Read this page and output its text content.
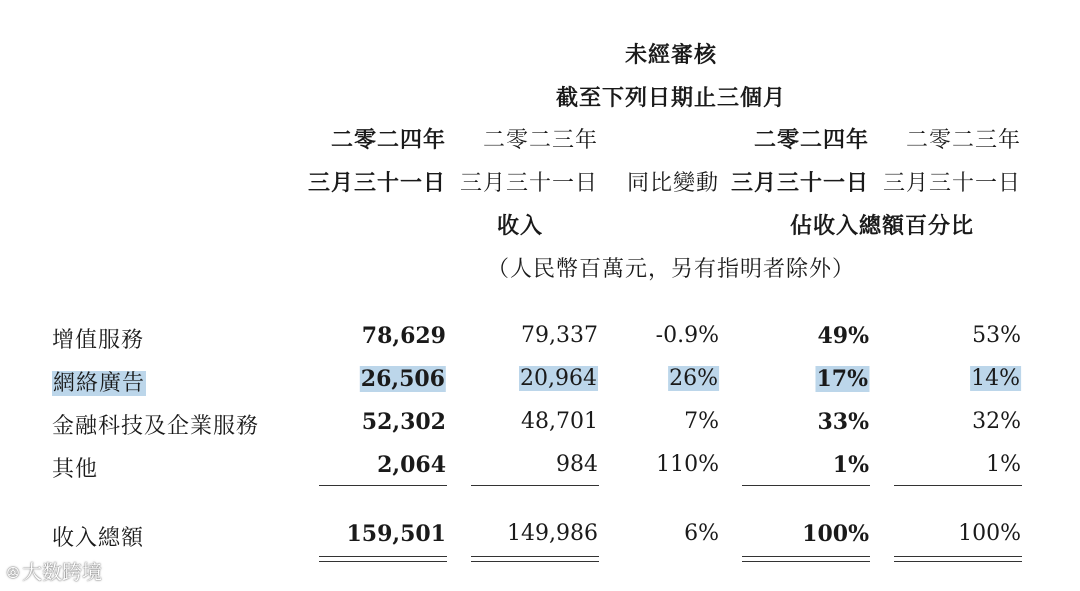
未經審核
截至下列日期止三個月
二零二四年 二零二三年	二零二四年 二零二三年
三月三十一日 三月三十一日 同比變動 三月三十一日 三月三十一日
收入	佔收入總額百分比
（人民幣百萬元，另有指明者除外）
增值服務	78,629	79,337	-0.9%	49%	53%
網絡廣告	26,506	20,964	26%	17%	14%
金融科技及企業服務	52,302	48,701	7%	33%	32%
其他	2,064	984	110%	1%	1%
收入總額	159,501	149,986	6%	100%	100%
ꔮ 大数跨境
